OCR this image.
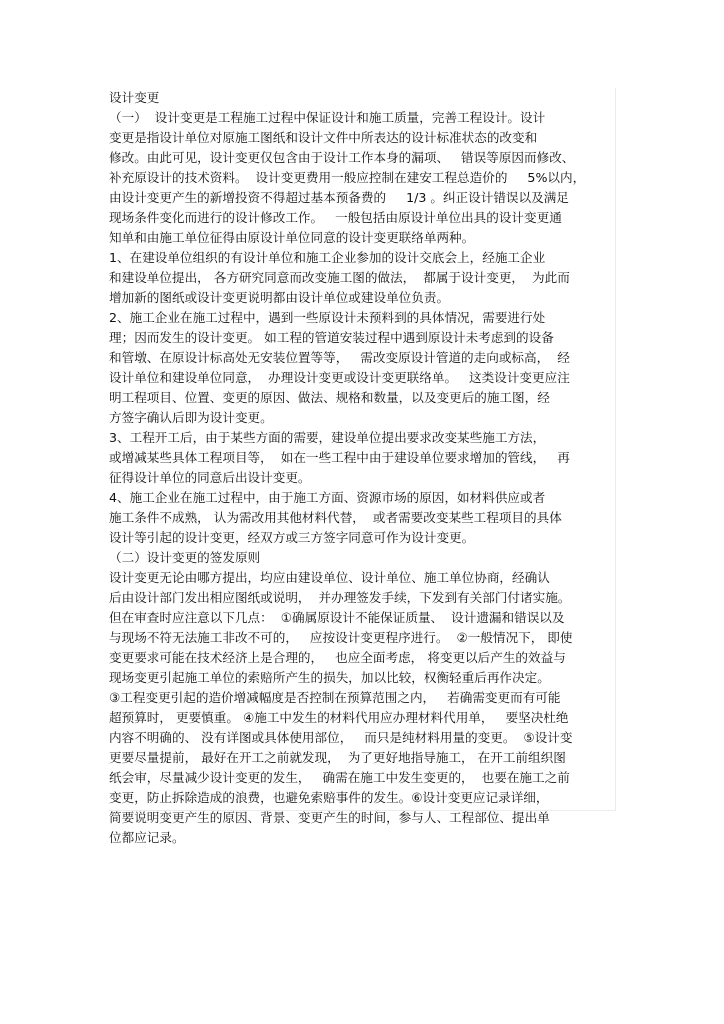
设计变更
（一）  设计变更是工程施工过程中保证设计和施工质量，完善工程设计。设计
变更是指设计单位对原施工图纸和设计文件中所表达的设计标准状态的改变和
修改。由此可见，设计变更仅包含由于设计工作本身的漏项、   错误等原因而修改、
补充原设计的技术资料。  设计变更费用一般应控制在建安工程总造价的     5%以内，
由设计变更产生的新增投资不得超过基本预备费的     1/3 。纠正设计错误以及满足
现场条件变化而进行的设计修改工作。   一般包括由原设计单位出具的设计变更通
知单和由施工单位征得由原设计单位同意的设计变更联络单两种。
1、在建设单位组织的有设计单位和施工企业参加的设计交底会上，经施工企业
和建设单位提出， 各方研究同意而改变施工图的做法，  都属于设计变更，  为此而
增加新的图纸或设计变更说明都由设计单位或建设单位负责。
2、施工企业在施工过程中，遇到一些原设计未预料到的具体情况，需要进行处
理；因而发生的设计变更。 如工程的管道安装过程中遇到原设计未考虑到的设备
和管墩、在原设计标高处无安装位置等等，   需改变原设计管道的走向或标高，  经
设计单位和建设单位同意，  办理设计变更或设计变更联络单。   这类设计变更应注
明工程项目、位置、变更的原因、做法、规格和数量，以及变更后的施工图，经
方签字确认后即为设计变更。
3、工程开工后，由于某些方面的需要，建设单位提出要求改变某些施工方法，
或增减某些具体工程项目等，  如在一些工程中由于建设单位要求增加的管线，   再
征得设计单位的同意后出设计变更。
4、施工企业在施工过程中，由于施工方面、资源市场的原因，如材料供应或者
施工条件不成熟， 认为需改用其他材料代替，  或者需要改变某些工程项目的具体
设计等引起的设计变更，经双方或三方签字同意可作为设计变更。
（二）设计变更的签发原则
设计变更无论由哪方提出，均应由建设单位、设计单位、施工单位协商，经确认
后由设计部门发出相应图纸或说明，  并办理签发手续，下发到有关部门付诸实施。
但在审查时应注意以下几点：  ①确属原设计不能保证质量、  设计遗漏和错误以及
与现场不符无法施工非改不可的，   应按设计变更程序进行。  ②一般情况下， 即使
变更要求可能在技术经济上是合理的，   也应全面考虑， 将变更以后产生的效益与
现场变更引起施工单位的索赔所产生的损失，加以比较，权衡轻重后再作决定。
③工程变更引起的造价增减幅度是否控制在预算范围之内，   若确需变更而有可能
超预算时， 更要慎重。 ④施工中发生的材料代用应办理材料代用单，   要坚决杜绝
内容不明确的、 没有详图或具体使用部位，   而只是纯材料用量的变更。  ⑤设计变
更要尽量提前， 最好在开工之前就发现，  为了更好地指导施工， 在开工前组织图
纸会审，尽量减少设计变更的发生，   确需在施工中发生变更的，  也要在施工之前
变更，防止拆除造成的浪费，也避免索赔事件的发生。⑥设计变更应记录详细，
简要说明变更产生的原因、背景、变更产生的时间，参与人、工程部位、提出单
位都应记录。
